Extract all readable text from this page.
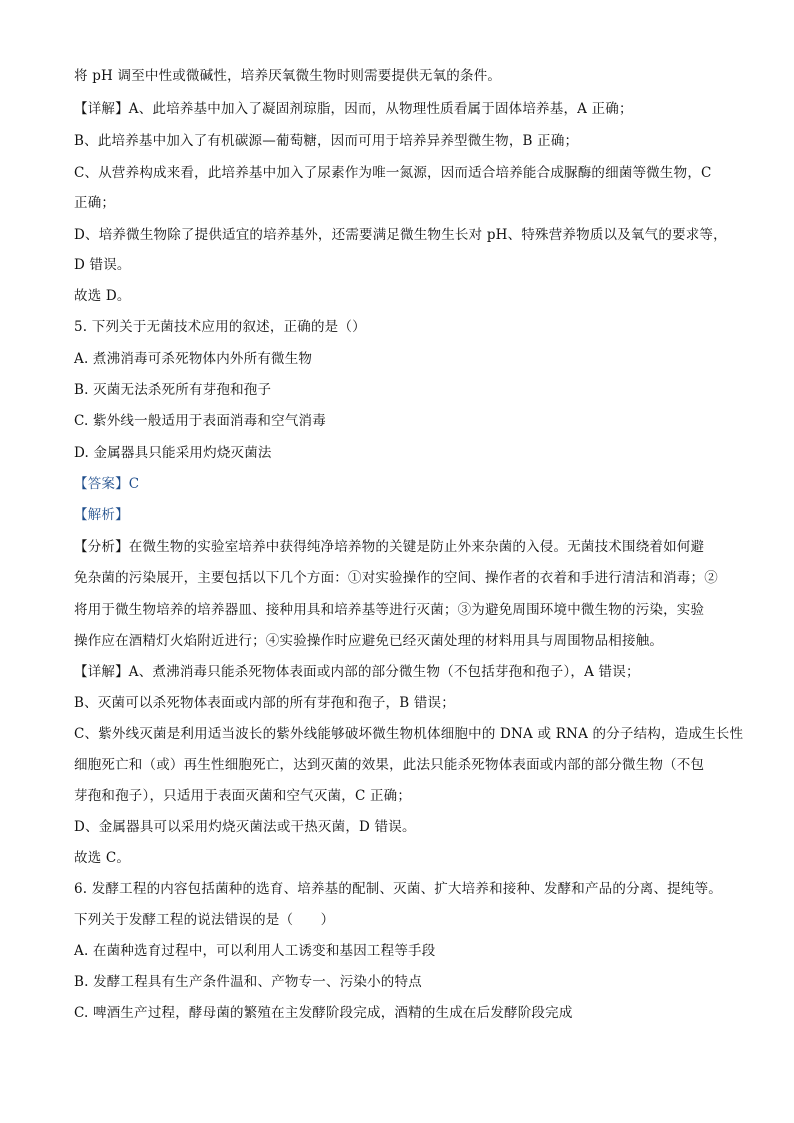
将 pH 调至中性或微碱性，培养厌氧微生物时则需要提供无氧的条件。
【详解】A、此培养基中加入了凝固剂琼脂，因而，从物理性质看属于固体培养基，A 正确；
B、此培养基中加入了有机碳源—葡萄糖，因而可用于培养异养型微生物，B 正确；
C、从营养构成来看，此培养基中加入了尿素作为唯一氮源，因而适合培养能合成脲酶的细菌等微生物，C
正确；
D、培养微生物除了提供适宜的培养基外，还需要满足微生物生长对 pH、特殊营养物质以及氧气的要求等，
D 错误。
故选 D。
5. 下列关于无菌技术应用的叙述，正确的是（）
A. 煮沸消毒可杀死物体内外所有微生物
B. 灭菌无法杀死所有芽孢和孢子
C. 紫外线一般适用于表面消毒和空气消毒
D. 金属器具只能采用灼烧灭菌法
【答案】C
【解析】
【分析】在微生物的实验室培养中获得纯净培养物的关键是防止外来杂菌的入侵。无菌技术围绕着如何避
免杂菌的污染展开，主要包括以下几个方面：①对实验操作的空间、操作者的衣着和手进行清洁和消毒；②
将用于微生物培养的培养器皿、接种用具和培养基等进行灭菌；③为避免周围环境中微生物的污染，实验
操作应在酒精灯火焰附近进行；④实验操作时应避免已经灭菌处理的材料用具与周围物品相接触。
【详解】A、煮沸消毒只能杀死物体表面或内部的部分微生物（不包括芽孢和孢子），A 错误；
B、灭菌可以杀死物体表面或内部的所有芽孢和孢子，B 错误；
C、紫外线灭菌是利用适当波长的紫外线能够破坏微生物机体细胞中的 DNA 或 RNA 的分子结构，造成生长性
细胞死亡和（或）再生性细胞死亡，达到灭菌的效果，此法只能杀死物体表面或内部的部分微生物（不包
芽孢和孢子），只适用于表面灭菌和空气灭菌，C 正确；
D、金属器具可以采用灼烧灭菌法或干热灭菌，D 错误。
故选 C。
6. 发酵工程的内容包括菌种的选育、培养基的配制、灭菌、扩大培养和接种、发酵和产品的分离、提纯等。
下列关于发酵工程的说法错误的是（　　）
A. 在菌种选育过程中，可以利用人工诱变和基因工程等手段
B. 发酵工程具有生产条件温和、产物专一、污染小的特点
C. 啤酒生产过程，酵母菌的繁殖在主发酵阶段完成，酒精的生成在后发酵阶段完成
